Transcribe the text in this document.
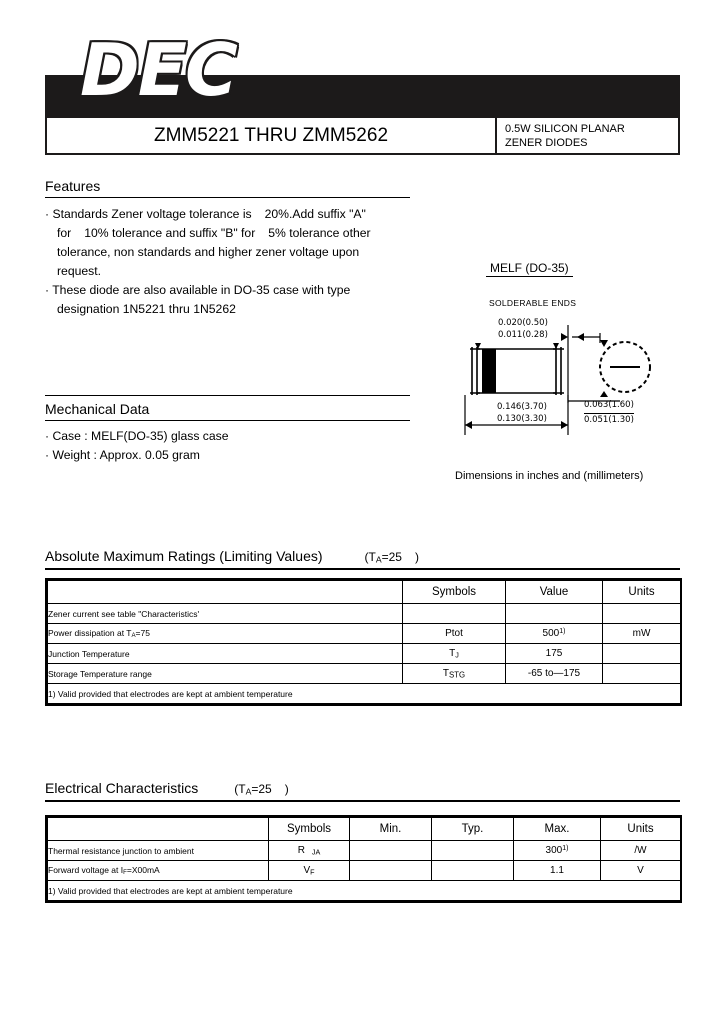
DEC
ZMM5221 THRU ZMM5262	0.5W SILICON PLANAR
ZENER DIODES
Features
· Standards Zener voltage tolerance is 20%.Add suffix "A"
for 10% tolerance and suffix "B" for 5% tolerance other
tolerance, non standards and higher zener voltage upon
request.
· These diode are also available in DO-35 case with type
designation 1N5221 thru 1N5262
Mechanical Data
· Case : MELF(DO-35) glass case
· Weight : Approx. 0.05 gram
MELF (DO-35)
SOLDERABLE ENDS
0.020(0.50)
0.011(0.28)
0.146(3.70)
0.130(3.30)
0.063(1.60)
0.051(1.30)
Dimensions in inches and (millimeters)
Absolute Maximum Ratings (Limiting Values)	($T_A=25$ )
	Symbols	Value	Units
Zener current see table "Characteristics'			
Power dissipation at $T_A=75$	Ptot	500$^{1)}$	mW
Junction Temperature	$T_J$	175	
Storage Temperature range	$T_{STG}$	-65 to—175	
1) Valid provided that electrodes are kept at ambient temperature			
Electrical Characteristics	($T_A=25$ )
	Symbols	Min.	Typ.	Max.	Units
Thermal resistance junction to ambient	R $_{JA}$			300$^{1)}$	/W
Forward voltage at $I_F=X00mA$	$V_F$			1.1	V
1) Valid provided that electrodes are kept at ambient temperature					
